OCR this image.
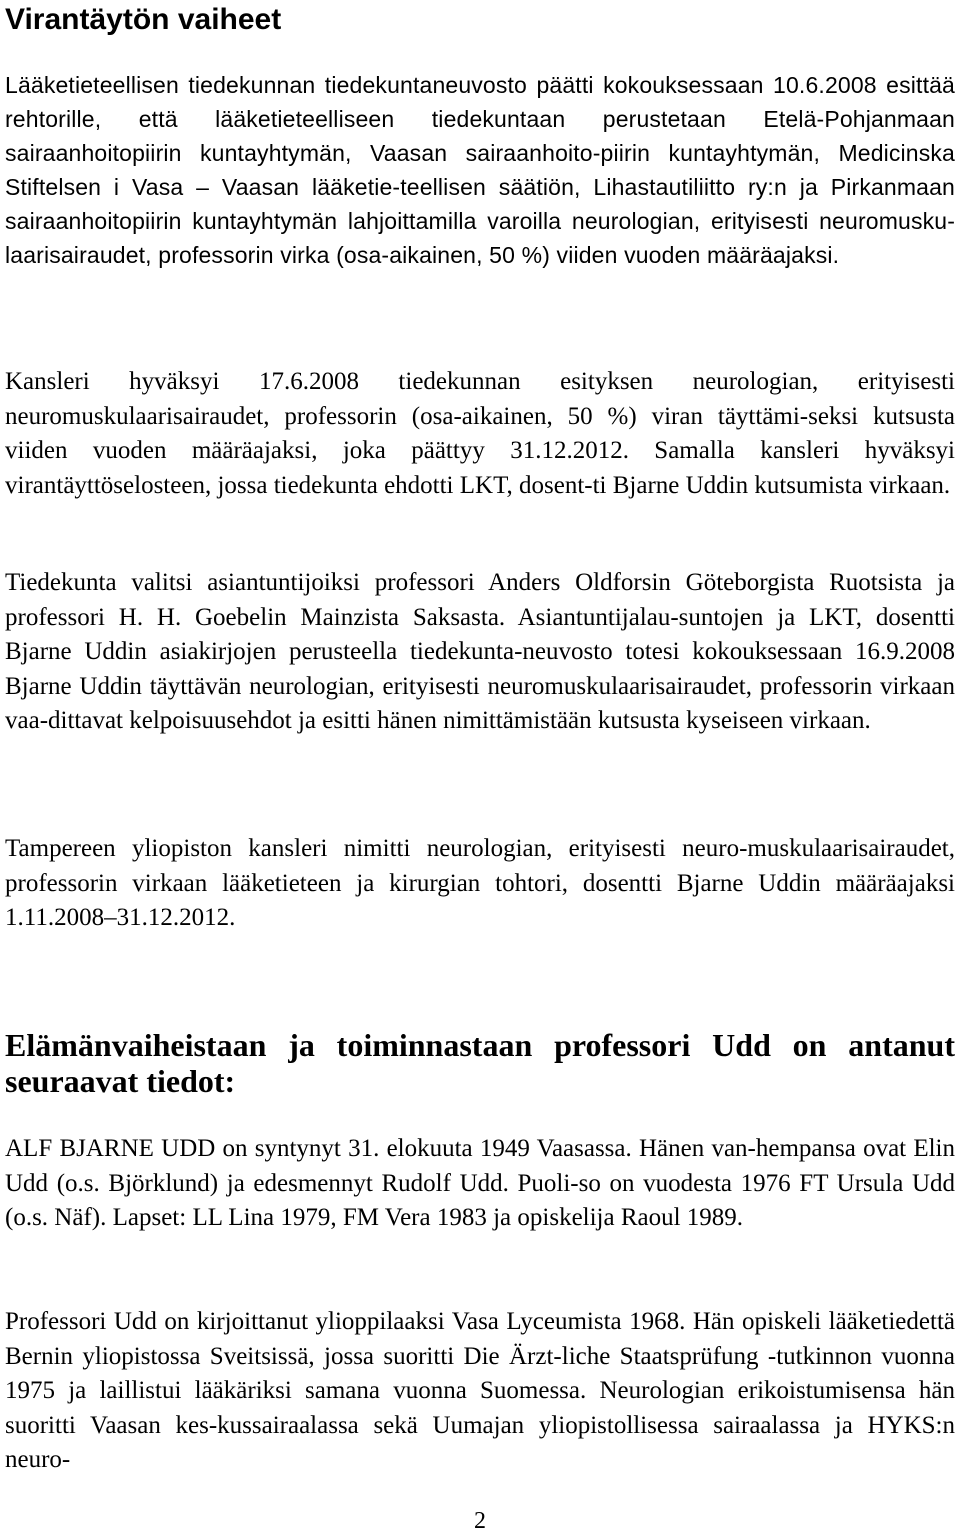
Virantäytön vaiheet

Lääketieteellisen tiedekunnan tiedekuntaneuvosto päätti kokouksessaan 10.6.2008 esittää rehtorille, että lääketieteelliseen tiedekuntaan perustetaan Etelä-Pohjanmaan sairaanhoitopiirin kuntayhtymän, Vaasan sairaanhoito-piirin kuntayhtymän, Medicinska Stiftelsen i Vasa – Vaasan lääketie-teellisen säätiön, Lihastautiliitto ry:n ja Pirkanmaan sairaanhoitopiirin kuntayhtymän lahjoittamilla varoilla neurologian, erityisesti neuromusku-laarisairaudet, professorin virka (osa-aikainen, 50 %) viiden vuoden määräajaksi.

Kansleri hyväksyi 17.6.2008 tiedekunnan esityksen neurologian, erityisesti neuromuskulaarisairaudet, professorin (osa-aikainen, 50 %) viran täyttämi-seksi kutsusta viiden vuoden määräajaksi, joka päättyy 31.12.2012. Samalla kansleri hyväksyi virantäyttöselosteen, jossa tiedekunta ehdotti LKT, dosent-ti Bjarne Uddin kutsumista virkaan.

Tiedekunta valitsi asiantuntijoiksi professori Anders Oldforsin Göteborgista Ruotsista ja professori H. H. Goebelin Mainzista Saksasta. Asiantuntijalau-suntojen ja LKT, dosentti Bjarne Uddin asiakirjojen perusteella tiedekunta-neuvosto totesi kokouksessaan 16.9.2008 Bjarne Uddin täyttävän neurologian, erityisesti neuromuskulaarisairaudet, professorin virkaan vaa-dittavat kelpoisuusehdot ja esitti hänen nimittämistään kutsusta kyseiseen virkaan.

Tampereen yliopiston kansleri nimitti neurologian, erityisesti neuro-muskulaarisairaudet, professorin virkaan lääketieteen ja kirurgian tohtori, dosentti Bjarne Uddin määräajaksi 1.11.2008–31.12.2012.

Elämänvaiheistaan ja toiminnastaan professori Udd on antanut seuraavat tiedot:

ALF BJARNE UDD on syntynyt 31. elokuuta 1949 Vaasassa. Hänen van-hempansa ovat Elin Udd (o.s. Björklund) ja edesmennyt Rudolf Udd. Puoli-so on vuodesta 1976 FT Ursula Udd (o.s. Näf). Lapset: LL Lina 1979, FM Vera 1983 ja opiskelija Raoul 1989.

Professori Udd on kirjoittanut ylioppilaaksi Vasa Lyceumista 1968. Hän opiskeli lääketiedettä Bernin yliopistossa Sveitsissä, jossa suoritti Die Ärzt-liche Staatsprüfung -tutkinnon vuonna 1975 ja laillistui lääkäriksi samana vuonna Suomessa. Neurologian erikoistumisensa hän suoritti Vaasan kes-kussairaalassa sekä Uumajan yliopistollisessa sairaalassa ja HYKS:n neuro-

2
